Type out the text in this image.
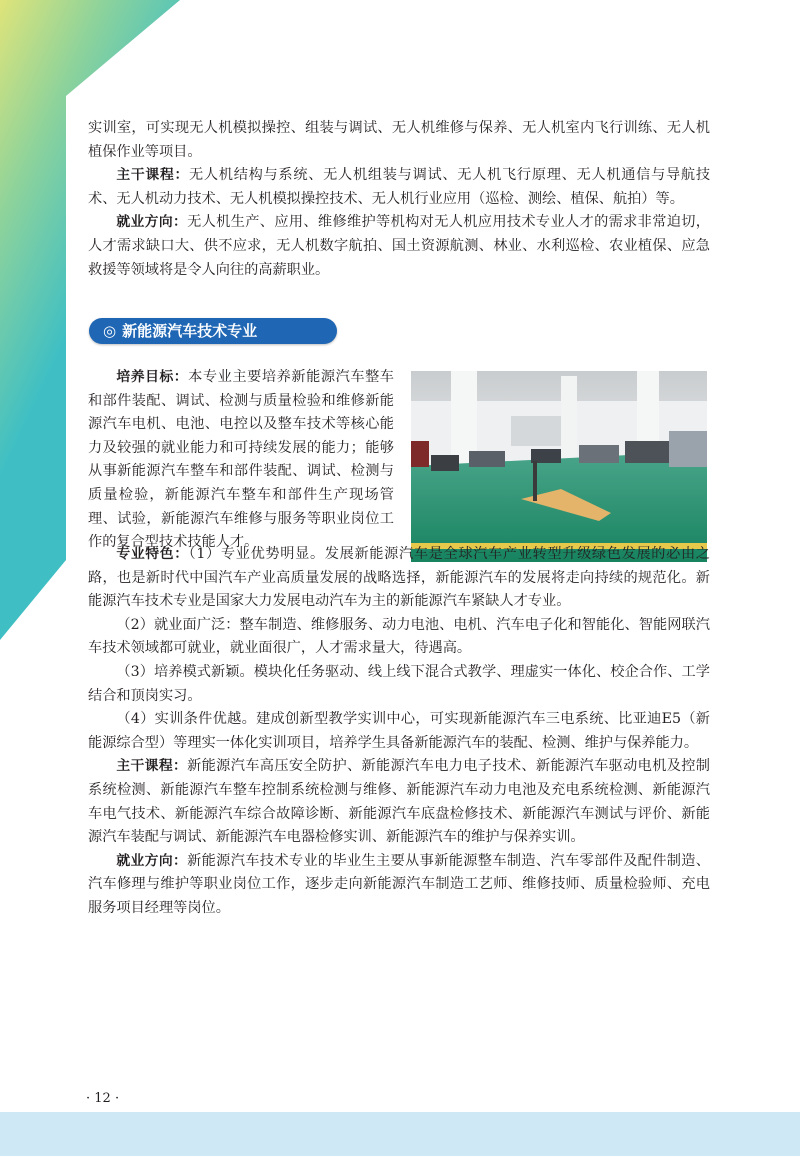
实训室，可实现无人机模拟操控、组装与调试、无人机维修与保养、无人机室内飞行训练、无人机植保作业等项目。

主干课程：无人机结构与系统、无人机组装与调试、无人机飞行原理、无人机通信与导航技术、无人机动力技术、无人机模拟操控技术、无人机行业应用（巡检、测绘、植保、航拍）等。

就业方向：无人机生产、应用、维修维护等机构对无人机应用技术专业人才的需求非常迫切，人才需求缺口大、供不应求，无人机数字航拍、国土资源航测、林业、水利巡检、农业植保、应急救援等领域将是令人向往的高薪职业。

◎ 新能源汽车技术专业

培养目标：本专业主要培养新能源汽车整车和部件装配、调试、检测与质量检验和维修新能源汽车电机、电池、电控以及整车技术等核心能力及较强的就业能力和可持续发展的能力；能够从事新能源汽车整车和部件装配、调试、检测与质量检验，新能源汽车整车和部件生产现场管理、试验，新能源汽车维修与服务等职业岗位工作的复合型技术技能人才。

专业特色：（1）专业优势明显。发展新能源汽车是全球汽车产业转型升级绿色发展的必由之路，也是新时代中国汽车产业高质量发展的战略选择，新能源汽车的发展将走向持续的规范化。新能源汽车技术专业是国家大力发展电动汽车为主的新能源汽车紧缺人才专业。

（2）就业面广泛：整车制造、维修服务、动力电池、电机、汽车电子化和智能化、智能网联汽车技术领域都可就业，就业面很广，人才需求量大，待遇高。

（3）培养模式新颖。模块化任务驱动、线上线下混合式教学、理虚实一体化、校企合作、工学结合和顶岗实习。

（4）实训条件优越。建成创新型教学实训中心，可实现新能源汽车三电系统、比亚迪E5（新能源综合型）等理实一体化实训项目，培养学生具备新能源汽车的装配、检测、维护与保养能力。

主干课程：新能源汽车高压安全防护、新能源汽车电力电子技术、新能源汽车驱动电机及控制系统检测、新能源汽车整车控制系统检测与维修、新能源汽车动力电池及充电系统检测、新能源汽车电气技术、新能源汽车综合故障诊断、新能源汽车底盘检修技术、新能源汽车测试与评价、新能源汽车装配与调试、新能源汽车电器检修实训、新能源汽车的维护与保养实训。

就业方向：新能源汽车技术专业的毕业生主要从事新能源整车制造、汽车零部件及配件制造、汽车修理与维护等职业岗位工作，逐步走向新能源汽车制造工艺师、维修技师、质量检验师、充电服务项目经理等岗位。

· 12 ·
